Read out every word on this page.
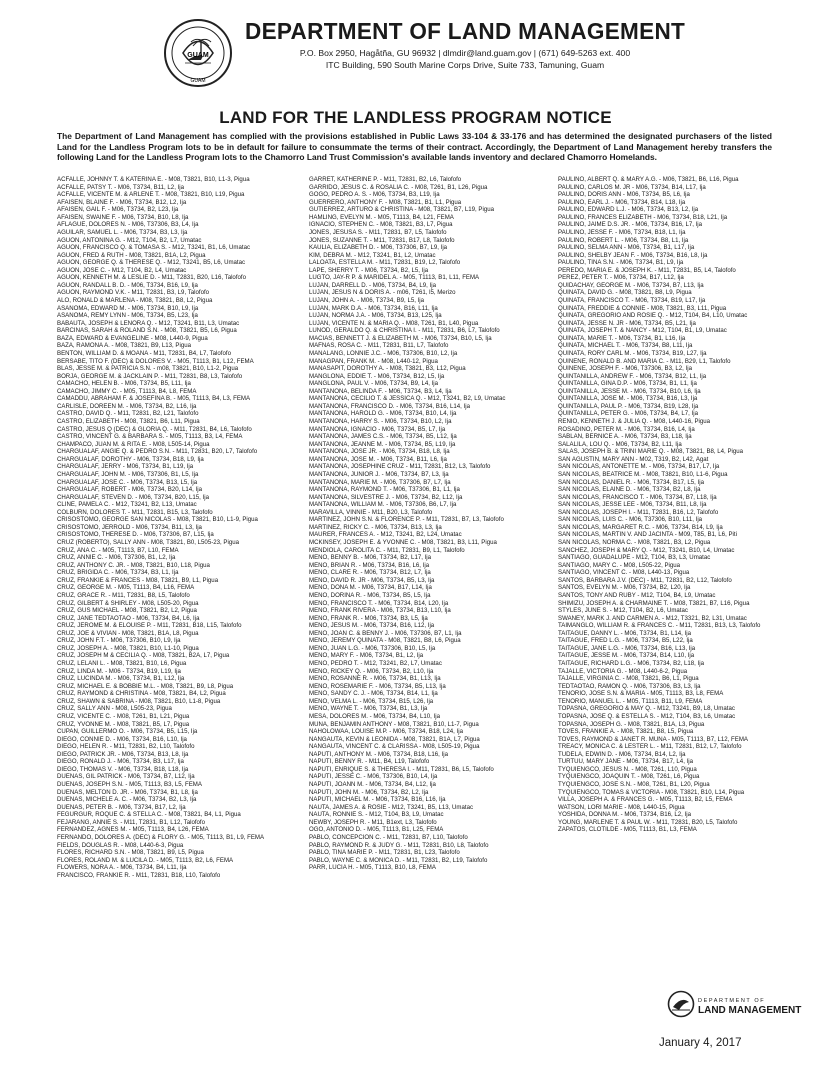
GUAM
GUAM
DEPARTMENT OF LAND MANAGEMENT
P.O. Box 2950, Hagåtña, GU 96932 | dlmdir@land.guam.gov | (671) 649-5263 ext. 400
ITC Building, 590 South Marine Corps Drive, Suite 733, Tamuning, Guam
LAND FOR THE LANDLESS PROGRAM NOTICE
The Department of Land Management has complied with the provisions established in Public Laws 33-104 & 33-176 and has determined the designated purchasers of the listed Land for the Landless Program lots to be in default for failure to consummate the terms of their contract. Accordingly, the Department of Land Management hereby transfers the following Land for the Landless Program lots to the Chamorro Land Trust Commission's available lands inventory and declared Chamorro Homelands.
ACFALLE, JOHNNY T. & KATERINA E. - M08, T3821, B10, L1-3, Pigua
ACFALLE, PATSY T. - M06, T3734, B11, L2, Ija
ACFALLE, VICENTE M. & ARLENE T. - M08, T3821, B10, L19, Pigua
AFAISEN, BLAINE F. - M06, T3734, B12, L2, Ija
AFAISEN, GAIL F. - M06, T3734, B2, L23, Ija
AFAISEN, SWAINE F. - M06, T3734, B10, L8, Ija
AFLAGUE, DOLORES N. - M06, T37306, B3, L4, Ija
AGUILAR, SAMUEL L. - M06, T3734, B3, L3, Ija
AGUON, ANTONINA G. - M12, T104, B2, L7, Umatac
AGUON, FRANCISCO Q. & TOMASA S. - M12, T3241, B1, L6, Umatac
AGUON, FRED & RUTH - M08, T3821, B1A, L2, Pigua
AGUON, GEORGE Q. & THERESE Q. - M12, T3241, B5, L6, Umatac
AGUON, JOSE C. - M12, T104, B2, L4, Umatac
AGUON, KENNETH M. & LESLIE D. - M11, T2831, B20, L16, Talofofo
AGUON, RANDALL B. D. - M06, T3734, B16, L9, Ija
AGUON, RAYMOND V.K. - M11, T2831, B3, L9, Talofofo
ALO, RONALD & MARLENA - M08, T3821, B8, L2, Pigua
ASANOMA, EDWARD M. - M06, T3734, B10, L9, Ija
ASANOMA, REMY LYNN - M06, T3734, B5, L23, Ija
BABAUTA, JOSEPH & LENORA Q. - M12, T3241, B11, L3, Umatac
BARCINAS, SARAH & ROLAND S.N. - M08, T3821, B5, L6, Pigua
BAZA, EDWARD & EVANGELINE - M08, L440-9, Pigua
BAZA, RAMONA A. - M08, T3821, B9, L13, Pigua
BENTON, WILLIAM D. & MOANA - M11, T2831, B4, L7, Talofofo
BERSABE, TITO F. (DEC) & DOLORES V. - M05, T1113, B1, L12, FEMA
BLAS, JESSE M. & PATRICIA S.N. - m08, T3821, B10, L1-2, Pigua
BORJA, GEORGE M. & JACKLAIN P. - M11, T2831, B8, L3, Talofofo
CAMACHO, HELEN B. - M06, T3734, B5, L11, Ija
CAMACHO, JIMMY C. - M05, T1113, B4, L8, FEMA
CAMADDU, ABRAHAM F. & JOSEFINA B. - M05, T1113, B4, L3, FEMA
CARLISLE, DOREEN M. - M06, T3734, B2, L16, Ija
CASTRO, DAVID Q. - M11, T2831, B2, L21, Talofofo
CASTRO, ELIZABETH - M08, T3821, B6, L11, Pigua
CASTRO, JESUS Q (DEC) & GLORIA Q. - M11, T2831, B4, L6, Talofofo
CASTRO, VINCENT G. & BARBARA S. - M05, T1113, B3, L4, FEMA
CHAMPACO, JUAN M. & RITA E. - M08, L505-14, Pigua
CHARGUALAF, ANGIE Q. & PEDRO S.N. - M11, T2831, B20, L7, Talofofo
CHARGUALAF, DOROTHY - M06, T3734, B18, L9, Ija
CHARGUALAF, JERRY - M06, T3734, B1, L19, Ija
CHARGUALAF, JOHN M. - M06, T37306, B1, L5, Ija
CHARGUALAF, JOSE C. - M06, T3734, B13, L5, Ija
CHARGUALAF, ROBERT - M06, T3734, B20, L14, Ija
CHARGUALAF, STEVEN D. - M06, T3734, B20, L15, Ija
CLINE, PAMELA C. - M12, T3241, B2, L13, Umatac
COLBURN, DOLORES T. - M11, T2831, B15, L3, Talofofo
CRISOSTOMO, GEORGE SAN NICOLAS - M08, T3821, B10, L1-9, Pigua
CRISOSTOMO, JERROLD - M06, T3734, B11, L3, Ija
CRISOSTOMO, THERESE D. - M06, T37306, B7, L15, Ija
CRUZ (ROBERTO), SALLY ANN - M08, T3821, B0, L505-23, Pigua
CRUZ, ANA C. - M05, T1113, B7, L10, FEMA
CRUZ, ANNIE C. - M06, T37306, B1, L2, Ija
CRUZ, ANTHONY C. JR. - M08, T3821, B10, L18, Pigua
CRUZ, BRIGIDA C. - M06, T3734, B3, L1, Ija
CRUZ, FRANKIE & FRANCES - M08, T3821, B9, L1, Pigua
CRUZ, GEORGE M. - M05, T1113, B4, L16, FEMA
CRUZ, GRACE R. - M11, T2831, B8, L5, Talofofo
CRUZ, GILBERT & SHIRLEY - M08, L505-20, Pigua
CRUZ, GUS MICHAEL - M08, T3821, B2, L2, Pigua
CRUZ, JANE TEDTAOTAO - M06, T3734, B4, L6, Ija
CRUZ, JEROME M. & ELOUISE P. - M11, T2831, B18, L15, Talofofo
CRUZ, JOE & VIVIAN - M08, T3821, B1A, L8, Pigua
CRUZ, JOHN F.T. - M06, T37306, B10, L9, Ija
CRUZ, JOSEPH A. - M08, T3821, B10, L1-10, Pigua
CRUZ, JOSEPH M & CECILIA Q. - M08, T3821, B2A, L7, Pigua
CRUZ, LELANI L. - M08, T3821, B10, L6, Pigua
CRUZ, LINDA M. - M06 - T3734, B19, L19, Ija
CRUZ, LUCINDA M. - M06, T3734, B1, L12, Ija
CRUZ, MICHAEL E. & BOBBIE M.L. - M08, T3821, B9, L8, Pigua
CRUZ, RAYMOND & CHRISTINA - M08, T3821, B4, L2, Pigua
CRUZ, SHAWN & SABRINA - M08, T3821, B10, L1-8, Pigua
CRUZ, SALLY ANN - M08, L505-23, Pigua
CRUZ, VICENTE C. - M08, T261, B1, L21, Pigua
CRUZ, YVONNE M. - M08, T3821, B5, L7, Pigua
CUPAN, GUILLERMO O. - M06, T3734, B5, L15, Ija
DIEGO, CONNIE D. - M06, T3734, B16, L10, Ija
DIEGO, HELEN R. - M11, T2831, B2, L10, Talofofo
DIEGO, PATRICK JR. - M06, T3734, B13, L8, Ija
DIEGO, RONALD J. - M06, T3734, B3, L17, Ija
DIEGO, THOMAS V. - M06, T3734, B18, L18, Ija
DUENAS, GIL PATRICK - M06, T3734, B7, L12, Ija
DUENAS, JOSEPH S.N. - M05, T1113, B3, L5, FEMA
DUENAS, MELTON D. JR. - M06, T3734, B1, L8, Ija
DUENAS, MICHELE A. C. - M06, T3734, B2, L3, Ija
DUENAS, PETER B. - M06, T3734, B17, L2, Ija
FEGURGUR, ROQUE C. & STELLA C. - M08, T3821, B4, L1, Pigua
FEJARANG, ANNIE S. - M11, T2831, B1, L12, Talofofo
FERNANDEZ, AGNES M. - M05, T1113, B4, L26, FEMA
FERNANDO, DOLORES A. (DEC) & FLORY G. - M05, T1113, B1, L9, FEMA
FIELDS, DOUGLAS R. - M08, L440-6-3, Pigua
FLORES, RICHARD S.N. - M08, T3821, B9, L5, Pigua
FLORES, ROLAND M. & LUCILA D. - M05, T1113, B2, L6, FEMA
FLOWERS, NORA A. - M06, T3734, B4, L11, Ija
FRANCISCO, FRANKIE R. - M11, T2831, B18, L10, Talofofo
GARRET, KATHERINE P. - M11, T2831, B2, L6, Talofofo
GARRIDO, JESUS C. & ROSALIA C. - M08, T261, B1, L26, Pigua
GOGO, PEDRO A. S. - M06, T3734, B3, L19, Ija
GUERRERO, ANTHONY F. - M08, T3821, B1, L1, Pigua
GUTIERREZ, ARTURO & CHRISTINA - M08, T3821, B7, L19, Pigua
HAMLING, EVELYN M. - M05, T1113, B4, L21, FEMA
IGNACIO, STEPHEN C. - M08, T3821, B3, L7, Pigua
JONES, JESUSA S. - M11, T2831, B7, L5, Talofofo
JONES, SUZANNE T. - M11, T2831, B17, L8, Talofofo
KAULIA, ELIZABETH D. - M06, T37306, B7, L9, Ija
KIM, DEBRA M. - M12, T3241, B1, L2, Umatac
LALOATA, ESTELLA M. - M11, T2831, B19, L2, Talofofo
LAPE, SHERRY T. - M06, T3734, B2, L5, Ija
LUGTO, JAY-R P. & MARIDEL A. - M05, T1113, B1, L11, FEMA
LUJAN, DARRELL D. - M06, T3734, B4, L9, Ija
LUJAN, JESUS N & DORIS A. - m06, T261, l5, Merizo
LUJAN, JOHN A. - M06, T3734, B9, L5, Ija
LUJAN, MARK D.A. - M06, T3734, B16, L11, Ija
LUJAN, NORMA J.A. - M06, T3734, B13, L25, Ija
LUJAN, VICENTE N. & MARIA Q. - M08, T261, B1, L40, Pigua
LUNOD, GERALDO Q. & CHRISTINA I. - M11, T2831, B6, L7, Talofofo
MACIAS, BENNETT J. & ELIZABETH M. - M06, T3734, B10, L5, Ija
MAFNAS, ROSA C. - M11, T2831, B11, L7, Talofofo
MANALANG, LONNIE J.C. - M06, T37306, B10, L2, Ija
MANAGPAN, FRANK M. - M08, L440-12, Pigua
MANASAPIT, DOROTHY A. - M08, T3821, B3, L12, Pigua
MANGLONA, EDDIE T. - M06, T3734, B12, L5, Ija
MANGLONA, PAUL V. - M06, T3734, B9, L4, Ija
MANTANONA, BELINDA F. - M06, T3734, B3, L4, Ija
MANTANONA, CECILIO T. & JESSICA Q. - M12, T3241, B2, L9, Umatac
MANTANONA, FRANCISCO D. - M06, T3734, B16, L14, Ija
MANTANONA, HAROLD G. - M06, T3734, B10, L4, Ija
MANTANONA, HARRY S. - M06, T3734, B10, L2, Ija
MANTANONA, IGNACIO - M06, T3734, B5, L7, Ija
MANTANONA, JAMES C.S. - M06, T3734, B5, L12, Ija
MANTANONA, JEANNE M. - M06, T3734, B5, L19, Ija
MANTANONA, JOSE JR. - M06, T3734, B18, L8, Ija
MANTANONA, JOSE M. - M06, T3734, B11, L6, Ija
MANTANONA, JOSEPHINE CRUZ - M11, T2831, B12, L3, Talofofo
MANTANONA, JUNIOR J. - M06, T3734, B7, L3, Ija
MANTANONA, MARIE M. - M06, T37306, B7, L7, Ija
MANTANONA, RAYMOND T. - M06, T37306, B1, L1, Ija
MANTANONA, SILVESTRE J. - M06, T3734, B2, L12, Ija
MANTANONA, WILLIAM M. - M06, T37306, B6, L7, Ija
MARAVILLA, VINNIE - M11, B20, L3, Talofofo
MARTINEZ, JOHN S.N. & FLORENCE P. - M11, T2831, B7, L3, Talofofo
MARTINEZ, RICKY C. - M06, T3734, B13, L3, Ija
MAURER, FRANCES A. - M12, T3241, B2, L24, Umatac
MCKINSEY, JOSEPH E. & YVONNE C. - M08, T3821, B3, L11, Pigua
MENDIOLA, CAROLITA C. - M11, T2831, B9, L1, Talofofo
MENO, BENNY B. - M06, T3734, B2, L17, Ija
MENO, BRIAN R. - M06, T3734, B16, L6, Ija
MENO, CLARE R. - M06, T3734, B12, L7, Ija
MENO, DAVID R. JR - M06, T3734, B5, L3, Ija
MENO, DONA M. - M06, T3734, B17, L14, Ija
MENO, DORINA R. - M06, T3734, B5, L5, Ija
MENO, FRANCISCO T. - M06, T3734, B14, L20, Ija
MENO, FRANK RIVERA - M06, T3734, B13, L10, Ija
MENO, FRANK R. - M06, T3734, B3, L5, Ija
MENO, JESUS M. - M06, T3734, B16, L12, Ija
MENO, JOAN C. & BENNY J. - M06, T37306, B7, L1, Ija
MENO, JEREMY QUINATA - M08, T3821, B8, L6, Pigua
MENO, JUAN L.G. - M06, T37306, B10, L5, Ija
MENO, MARY F. - M06, T3734, B1, L2, Ija
MENO, PEDRO T. - M12, T3241, B2, L7, Umatac
MENO, RICKEY Q. - M06, T3734, B2, L10, Ija
MENO, ROSANNE R. - M06, T3734, B1, L13, Ija
MENO, ROSEMARIE F. - M06, T3734, B5, L13, Ija
MENO, SANDY C. J. - M06, T3734, B14, L1, Ija
MENO, VELMA L. - M06, T3734, B15, L26, Ija
MENO, WAYNE T. - M06, T3734, B1, L3, Ija
MESA, DOLORES M. - M06, T3734, B4, L10, Ija
MUNA, BENJAMIN ANTHONY - M08, T3821, B10, L1-7, Pigua
NAHOLOWAA, LOUISE M.P. - M06, T3734, B18, L24, Ija
NANGAUTA, KEVIN & LEONIDA - M08, T3821, B1A, L7, Pigua
NANGAUTA, VINCENT C. & CLARISSA - M08, L505-19, Pigua
NAPUTI, ANTHONY M. - M06, T3734, B18, L16, Ija
NAPUTI, BENNY R. - M11, B4, L19, Talofofo
NAPUTI, ENRIQUE S. & THERESA I. - M11, T2831, B6, L5, Talofofo
NAPUTI, JESSE C. - M06, T37306, B10, L4, Ija
NAPUTI, JOANN M. - M06, T3734, B4, L12, Ija
NAPUTI, JOHN M. - M06, T3734, B2, L2, Ija
NAPUTI, MICHAEL M. - M06, T3734, B16, L16, Ija
NAUTA, JAMES A. & ROSIE - M12, T3241, B5, L13, Umatac
NAUTA, RONNIE S. - M12, T104, B3, L9, Umatac
NEWBY, JOSEPH R. - M11, B1ext, L3, Talofofo
OGO, ANTONIO D. - M05, T1113, B1, L25, FEMA
PABLO, CONCEPCION C. - M11, T2831, B7, L10, Talofofo
PABLO, RAYMOND R. & JUDY G. - M11, T2831, B10, L8, Talofofo
PABLO, TINA MARIE P. - M11, T2831, B1, L23, Talofofo
PABLO, WAYNE C. & MONICA D. - M11, T2831, B2, L19, Talofofo
PARR, LUCIA H. - M05, T1113, B10, L8, FEMA
PAULINO, ALBERT Q. & MARY A.G. - M06, T3821, B6, L16, Pigua
PAULINO, CARLOS M. JR - M06, T3734, B14, L17, Ija
PAULINO, DORIS ANN - M06, T3734, B5, L6, Ija
PAULINO, EARL J. - M06, T3734, B14, L18, Ija
PAULINO, EDWARD L.J. - M06, T3734, B13, L2, Ija
PAULINO, FRANCES ELIZABETH - M06, T3734, B18, L21, Ija
PAULINO, JAIME D.S. JR. - M06, T3734, B16, L7, Ija
PAULINO, JESSE F. - M06, T3734, B18, L1, Ija
PAULINO, ROBERT L. - M06, T3734, B8, L1, Ija
PAULINO, SELMA ANN - M06, T3734, B1, L17, Ija
PAULINO, SHELBY JEAN F. - M06, T3734, B16, L8, Ija
PAULINO, TINA S.N. - M06, T3734, B1, L9, Ija
PEREDO, MARIA E. & JOSEPH K. - M11, T2831, B5, L4, Talofofo
PEREZ, PETER T. - M06, T3734, B17, L12, Ija
QUIDACHAY, GEORGE M. - M06, T3734, B7, L13, Ija
QUINATA, DAVID G. - M08, T3821, B8, L9, Pigua
QUINATA, FRANCISCO T. - M06, T3734, B19, L17, Ija
QUINATA, FREDDIE & CONNIE - M08, T3821, B3, L11, Pigua
QUINATA, GREGORIO AND ROSIE Q. - M12, T104, B4, L10, Umatac
QUINATA, JESSE N. JR - M06, T3734, B5, L21, Ija
QUINATA, JOSEPH T. & NANCY - M12, T104, B1, L9, Umatac
QUINATA, MARIE T. - M06, T3734, B1, L16, Ija
QUINATA, MICHAEL T. - M06, T3734, B8, L11, Ija
QUINATA, RORY CARL M. - M06, T3734, B19, L27, Ija
QUINENE, RONALD B. AND MARIA C. - M11, B29, L1, Talofofo
QUINENE, JOSEPH F. - M06, T37306, B3, L2, Ija
QUINTANILLA, ANDREW F. - M06, T3734, B12, L1, Ija
QUINTANILLA, GINA D.P. - M06, T3734, B1, L1, Ija
QUINTANILLA, JESSE M. - M06, T3734, B10, L6, Ija
QUINTANILLA, JOSE M. - M06, T3734, B16, L3, Ija
QUINTANILLA, PAUL P. - M06, T3734, B19, L28, Ija
QUINTANILLA, PETER G. - M06, T3734, B4, L7, Ija
RENIO, KENNETH J. & JULIA Q. - M08, L440-16, Pigua
ROSADINO, PETER M. - M06, T3734, B16, L4, Ija
SABLAN, BERNICE A. - M06, T3734, B3, L18, Ija
SALALILA, LOU Q. - M06, T3734, B2, L11, Ija
SALAS, JOSEPH B. & TRINI MARIE Q. - M08, T3821, B8, L4, Pigua
SAN AGUSTIN, MARY ANN - M02, T319, B2, L42, Agat
SAN NICOLAS, ANTONETTE M. - M06, T3734, B17, L7, Ija
SAN NICOLAS, BEATRICE M. - M08, T3821, B10, L1-6, Pigua
SAN NICOLAS, DANIEL R. - M06, T3734, B17, L5, Ija
SAN NICOLAS, ELAINE D. - M06, T3734, B2, L8, Ija
SAN NICOLAS, FRANCISCO T. - M06, T3734, B7, L18, Ija
SAN NICOLAS, JESSE LEE - M06, T3734, B11, L8, Ija
SAN NICOLAS, JOSEPH I. - M11, T2831, B16, L2, Talofofo
SAN NICOLAS, LUIS C. - M06, T37306, B10, L11, Ija
SAN NICOLAS, MARGARET R.C. - M06, T3734, B14, L9, Ija
SAN NICOLAS, MARTIN V. AND JACINTA - M09, T85, B1, L6, Piti
SAN NICOLAS, NORMA C. - M08, T3821, B3, L2, Pigua
SANCHEZ, JOSEPH & MARY Q. - M12, T3241, B10, L4, Umatac
SANTIAGO, GUADALUPE - M12, T104, B3, L3, Umatac
SANTIAGO, MARY C. - M08, L505-22, Pigua
SANTIAGO, VINCENT C. - M08, L440-13, Pigua
SANTOS, BARBARA J.V. (DEC) - M11, T2831, B2, L12, Talofofo
SANTOS, EVELYN M. - M06, T3734, B2, L20, Ija
SANTOS, TONY AND RUBY - M12, T104, B4, L9, Umatac
SHIMIZU, JOSEPH A. & CHARMAINE T. - M08, T3821, B7, L16, Pigua
STYLES, JUNE S. - M12, T104, B2, L6, Umatac
SWANEY, MARK J. AND CARMEN A. - M12, T3321, B2, L31, Umatac
TAIMANGLO, WILLIAM R. & FRANCES C. - M11, T2831, B13, L3, Talofofo
TAITAGUE, DANNY L. - M06, T3734, B1, L14, Ija
TAITAGUE, FRED L.G. - M06, T3734, B5, L22, Ija
TAITAGUE, JANE L.G. - M06, T3734, B16, L13, Ija
TAITAGUE, JESSE M. - M06, T3734, B14, L10, Ija
TAITAGUE, RICHARD L.G. - M06, T3734, B2, L18, Ija
TAJALLE, VICTORIA G. - M08, L440-6-2, Pigua
TAJALLE, VIRGINIA C. - M08, T3821, B6, L1, Pigua
TEDTAOTAO, RAMON Q. - M06, T37306, B3, L3, Ija
TENORIO, JOSE S.N. & MARIA - M05, T1113, B3, L8, FEMA
TENORIO, MANUEL L. - M05, T1113, B11, L9, FEMA
TOPASNA, GREGORIO & MAY Q. - M12, T3241, B9, L8, Umatac
TOPASNA, JOSE Q. & ESTELLA S. - M12, T104, B3, L6, Umatac
TOPASNA, JOSEPH G. - M08, T3821, B1A, L3, Pigua
TOVES, FRANKIE A. - M08, T3821, B8, L5, Pigua
TOVES, RAYMOND & JANET R. MUNA - M05, T1113, B7, L12, FEMA
TREACY, MONICA C. & LESTER L. - M11, T2831, B12, L7, Talofofo
TUDELA, EDWIN D. - M06, T3734, B14, L2, Ija
TURTUU, MARY JANE - M06, T3734, B17, L4, Ija
TYQUIENGCO, JESUS N. - M08, T261, L10, Pigua
TYQUIENGCO, JOAQUIN T. - M08, T261, L6, Pigua
TYQUIENGCO, JOSE S.N. - M08, T261, B1, L20, Pigua
TYQUIENGCO, TOMAS & VICTORIA - M08, T3821, B10, L14, Pigua
VILLA, JOSEPH A. & FRANCES G. - M05, T1113, B2, L5, FEMA
WATSON, LORI MARIE - M08, L440-15, Pigua
YOSHIDA, DONNA M. - M06, T3734, B16, L2, Ija
YOUNG, MARLENE T. & PAUL W. - M11, T2831, B20, L5, Talofofo
ZAPATOS, CLOTILDE - M05, T1113, B1, L3, FEMA
DEPARTMENT OF
LAND MANAGEMENT
January 4, 2017
